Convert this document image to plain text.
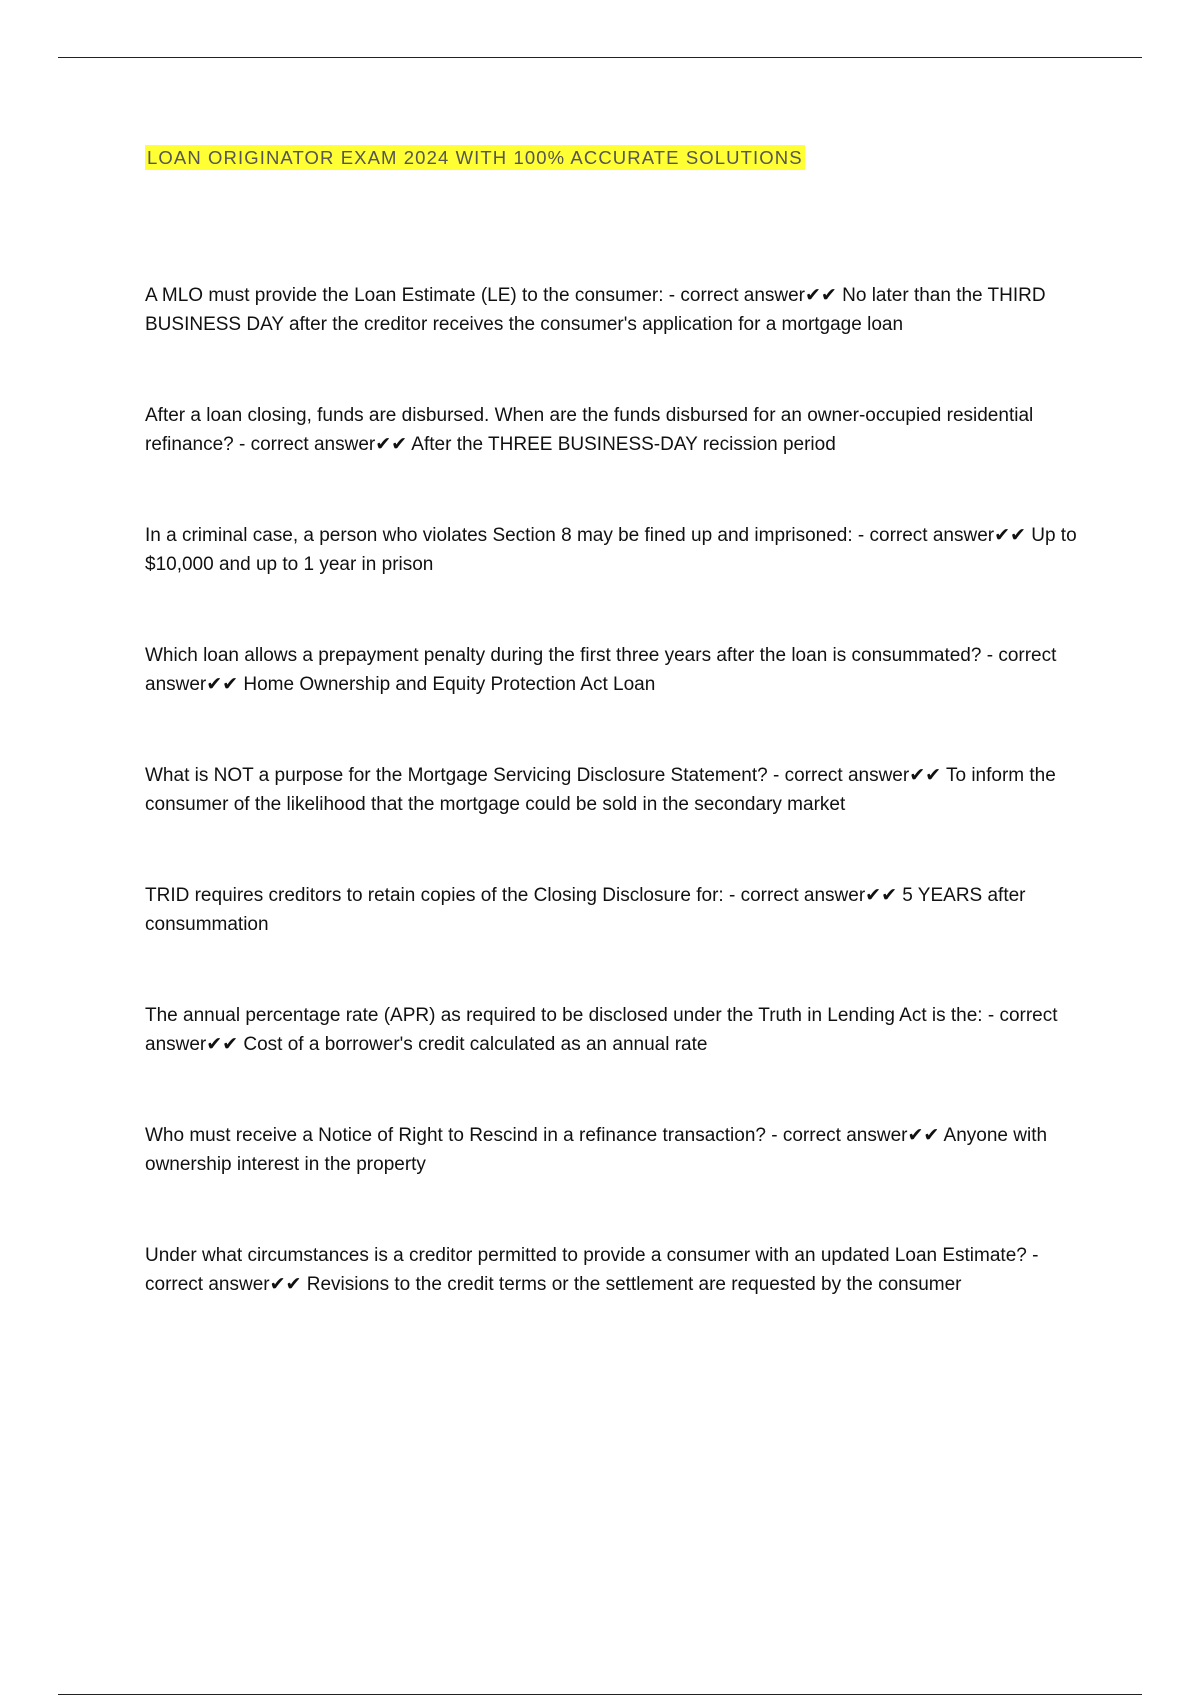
LOAN ORIGINATOR EXAM 2024 WITH 100% ACCURATE SOLUTIONS

A MLO must provide the Loan Estimate (LE) to the consumer: - correct answer✔✔ No later than the THIRD BUSINESS DAY after the creditor receives the consumer's application for a mortgage loan

After a loan closing, funds are disbursed. When are the funds disbursed for an owner-occupied residential refinance? - correct answer✔✔ After the THREE BUSINESS-DAY recission period

In a criminal case, a person who violates Section 8 may be fined up and imprisoned: - correct answer✔✔ Up to $10,000 and up to 1 year in prison

Which loan allows a prepayment penalty during the first three years after the loan is consummated? - correct answer✔✔ Home Ownership and Equity Protection Act Loan

What is NOT a purpose for the Mortgage Servicing Disclosure Statement? - correct answer✔✔ To inform the consumer of the likelihood that the mortgage could be sold in the secondary market

TRID requires creditors to retain copies of the Closing Disclosure for: - correct answer✔✔ 5 YEARS after consummation

The annual percentage rate (APR) as required to be disclosed under the Truth in Lending Act is the: - correct answer✔✔ Cost of a borrower's credit calculated as an annual rate

Who must receive a Notice of Right to Rescind in a refinance transaction? - correct answer✔✔ Anyone with ownership interest in the property

Under what circumstances is a creditor permitted to provide a consumer with an updated Loan Estimate? - correct answer✔✔ Revisions to the credit terms or the settlement are requested by the consumer
